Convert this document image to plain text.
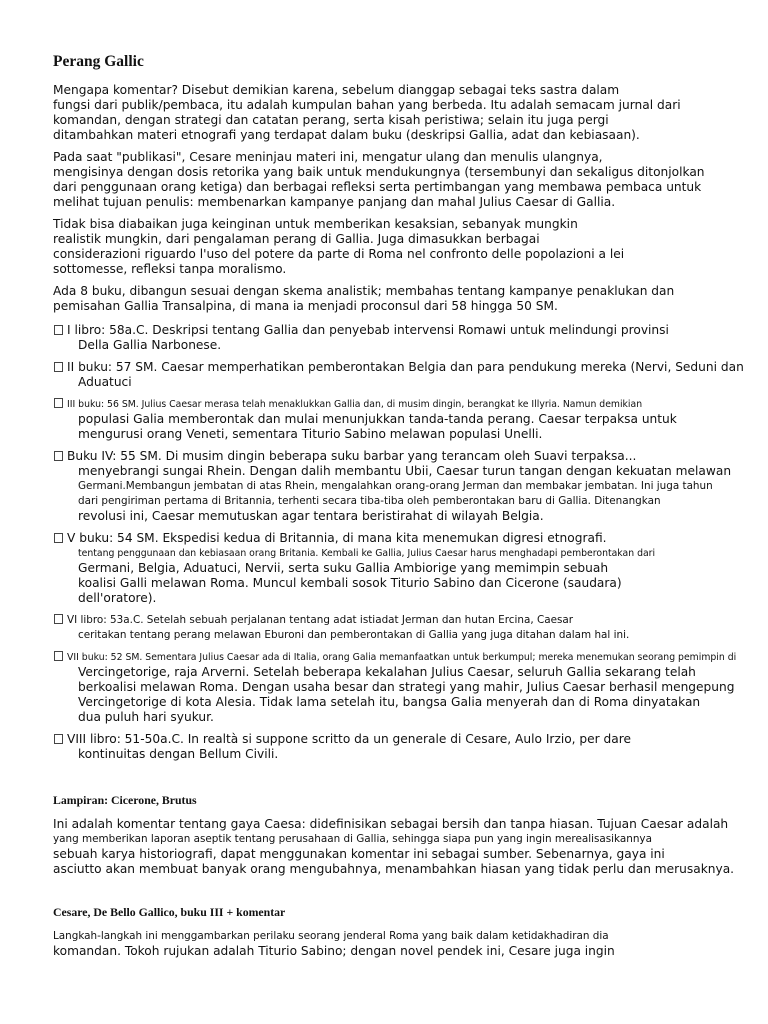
Perang Gallic
Mengapa komentar? Disebut demikian karena, sebelum dianggap sebagai teks sastra dalam
fungsi dari publik/pembaca, itu adalah kumpulan bahan yang berbeda. Itu adalah semacam jurnal dari
komandan, dengan strategi dan catatan perang, serta kisah peristiwa; selain itu juga pergi
ditambahkan materi etnografi yang terdapat dalam buku (deskripsi Gallia, adat dan kebiasaan).
Pada saat "publikasi", Cesare meninjau materi ini, mengatur ulang dan menulis ulangnya,
mengisinya dengan dosis retorika yang baik untuk mendukungnya (tersembunyi dan sekaligus ditonjolkan
dari penggunaan orang ketiga) dan berbagai refleksi serta pertimbangan yang membawa pembaca untuk
melihat tujuan penulis: membenarkan kampanye panjang dan mahal Julius Caesar di Gallia.
Tidak bisa diabaikan juga keinginan untuk memberikan kesaksian, sebanyak mungkin
realistik mungkin, dari pengalaman perang di Gallia. Juga dimasukkan berbagai
considerazioni riguardo l'uso del potere da parte di Roma nel confronto delle popolazioni a lei
sottomesse, refleksi tanpa moralismo.
Ada 8 buku, dibangun sesuai dengan skema analistik; membahas tentang kampanye penaklukan dan
pemisahan Gallia Transalpina, di mana ia menjadi proconsul dari 58 hingga 50 SM.
I libro: 58a.C. Deskripsi tentang Gallia dan penyebab intervensi Romawi untuk melindungi provinsi
Della Gallia Narbonese.
II buku: 57 SM. Caesar memperhatikan pemberontakan Belgia dan para pendukung mereka (Nervi, Seduni dan
Aduatuci
III buku: 56 SM. Julius Caesar merasa telah menaklukkan Gallia dan, di musim dingin, berangkat ke Illyria. Namun demikian
populasi Galia memberontak dan mulai menunjukkan tanda-tanda perang. Caesar terpaksa untuk
mengurusi orang Veneti, sementara Titurio Sabino melawan populasi Unelli.
Buku IV: 55 SM. Di musim dingin beberapa suku barbar yang terancam oleh Suavi terpaksa...
menyebrangi sungai Rhein. Dengan dalih membantu Ubii, Caesar turun tangan dengan kekuatan melawan
Germani.Membangun jembatan di atas Rhein, mengalahkan orang-orang Jerman dan membakar jembatan. Ini juga tahun
dari pengiriman pertama di Britannia, terhenti secara tiba-tiba oleh pemberontakan baru di Gallia. Ditenangkan
revolusi ini, Caesar memutuskan agar tentara beristirahat di wilayah Belgia.
V buku: 54 SM. Ekspedisi kedua di Britannia, di mana kita menemukan digresi etnografi.
tentang penggunaan dan kebiasaan orang Britania. Kembali ke Gallia, Julius Caesar harus menghadapi pemberontakan dari
Germani, Belgia, Aduatuci, Nervii, serta suku Gallia Ambiorige yang memimpin sebuah
koalisi Galli melawan Roma. Muncul kembali sosok Titurio Sabino dan Cicerone (saudara)
dell'oratore).
VI libro: 53a.C. Setelah sebuah perjalanan tentang adat istiadat Jerman dan hutan Ercina, Caesar
ceritakan tentang perang melawan Eburoni dan pemberontakan di Gallia yang juga ditahan dalam hal ini.
VII buku: 52 SM. Sementara Julius Caesar ada di Italia, orang Galia memanfaatkan untuk berkumpul; mereka menemukan seorang pemimpin di
Vercingetorige, raja Arverni. Setelah beberapa kekalahan Julius Caesar, seluruh Gallia sekarang telah
berkoalisi melawan Roma. Dengan usaha besar dan strategi yang mahir, Julius Caesar berhasil mengepung
Vercingetorige di kota Alesia. Tidak lama setelah itu, bangsa Galia menyerah dan di Roma dinyatakan
dua puluh hari syukur.
VIII libro: 51-50a.C. In realtà si suppone scritto da un generale di Cesare, Aulo Irzio, per dare
kontinuitas dengan Bellum Civili.
Lampiran: Cicerone, Brutus
Ini adalah komentar tentang gaya Caesa: didefinisikan sebagai bersih dan tanpa hiasan. Tujuan Caesar adalah
yang memberikan laporan aseptik tentang perusahaan di Gallia, sehingga siapa pun yang ingin merealisasikannya
sebuah karya historiografi, dapat menggunakan komentar ini sebagai sumber. Sebenarnya, gaya ini
asciutto akan membuat banyak orang mengubahnya, menambahkan hiasan yang tidak perlu dan merusaknya.
Cesare, De Bello Gallico, buku III + komentar
Langkah-langkah ini menggambarkan perilaku seorang jenderal Roma yang baik dalam ketidakhadiran dia
komandan. Tokoh rujukan adalah Titurio Sabino; dengan novel pendek ini, Cesare juga ingin
